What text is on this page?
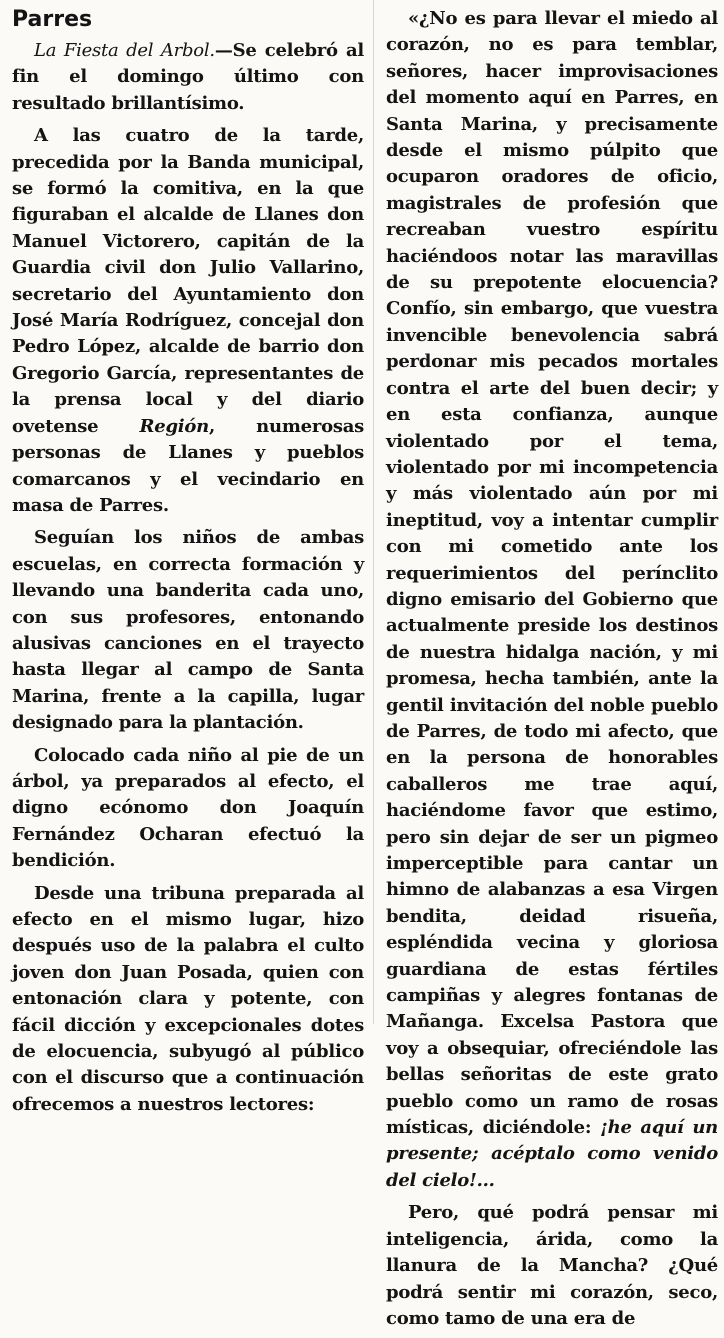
Parres

La Fiesta del Arbol.—Se celebró al fin el domingo último con resultado brillantísimo.

A las cuatro de la tarde, precedida por la Banda municipal, se formó la comitiva, en la que figuraban el alcalde de Llanes don Manuel Victorero, capitán de la Guardia civil don Julio Vallarino, secretario del Ayuntamiento don José María Rodríguez, concejal don Pedro López, alcalde de barrio don Gregorio García, representantes de la prensa local y del diario ovetense Región, numerosas personas de Llanes y pueblos comarcanos y el vecindario en masa de Parres.

Seguían los niños de ambas escuelas, en correcta formación y llevando una banderita cada uno, con sus profesores, entonando alusivas canciones en el trayecto hasta llegar al campo de Santa Marina, frente a la capilla, lugar designado para la plantación.

Colocado cada niño al pie de un árbol, ya preparados al efecto, el digno ecónomo don Joaquín Fernández Ocharan efectuó la bendición.

Desde una tribuna preparada al efecto en el mismo lugar, hizo después uso de la palabra el culto joven don Juan Posada, quien con entonación clara y potente, con fácil dicción y excepcionales dotes de elocuencia, subyugó al público con el discurso que a continuación ofrecemos a nuestros lectores:

«¿No es para llevar el miedo al corazón, no es para temblar, señores, hacer improvisaciones del momento aquí en Parres, en Santa Marina, y precisamente desde el mismo púlpito que ocuparon oradores de oficio, magistrales de profesión que recreaban vuestro espíritu haciéndoos notar las maravillas de su prepotente elocuencia? Confío, sin embargo, que vuestra invencible benevolencia sabrá perdonar mis pecados mortales contra el arte del buen decir; y en esta confianza, aunque violentado por el tema, violentado por mi incompetencia y más violentado aún por mi ineptitud, voy a intentar cumplir con mi cometido ante los requerimientos del perínclito digno emisario del Gobierno que actualmente preside los destinos de nuestra hidalga nación, y mi promesa, hecha también, ante la gentil invitación del noble pueblo de Parres, de todo mi afecto, que en la persona de honorables caballeros me trae aquí, haciéndome favor que estimo, pero sin dejar de ser un pigmeo imperceptible para cantar un himno de alabanzas a esa Virgen bendita, deidad risueña, espléndida vecina y gloriosa guardiana de estas fértiles campiñas y alegres fontanas de Mañanga. Excelsa Pastora que voy a obsequiar, ofreciéndole las bellas señoritas de este grato pueblo como un ramo de rosas místicas, diciéndole: ¡he aquí un presente; acéptalo como venido del cielo!...

Pero, qué podrá pensar mi inteligencia, árida, como la llanura de la Mancha? ¿Qué podrá sentir mi corazón, seco, como tamo de una era de
